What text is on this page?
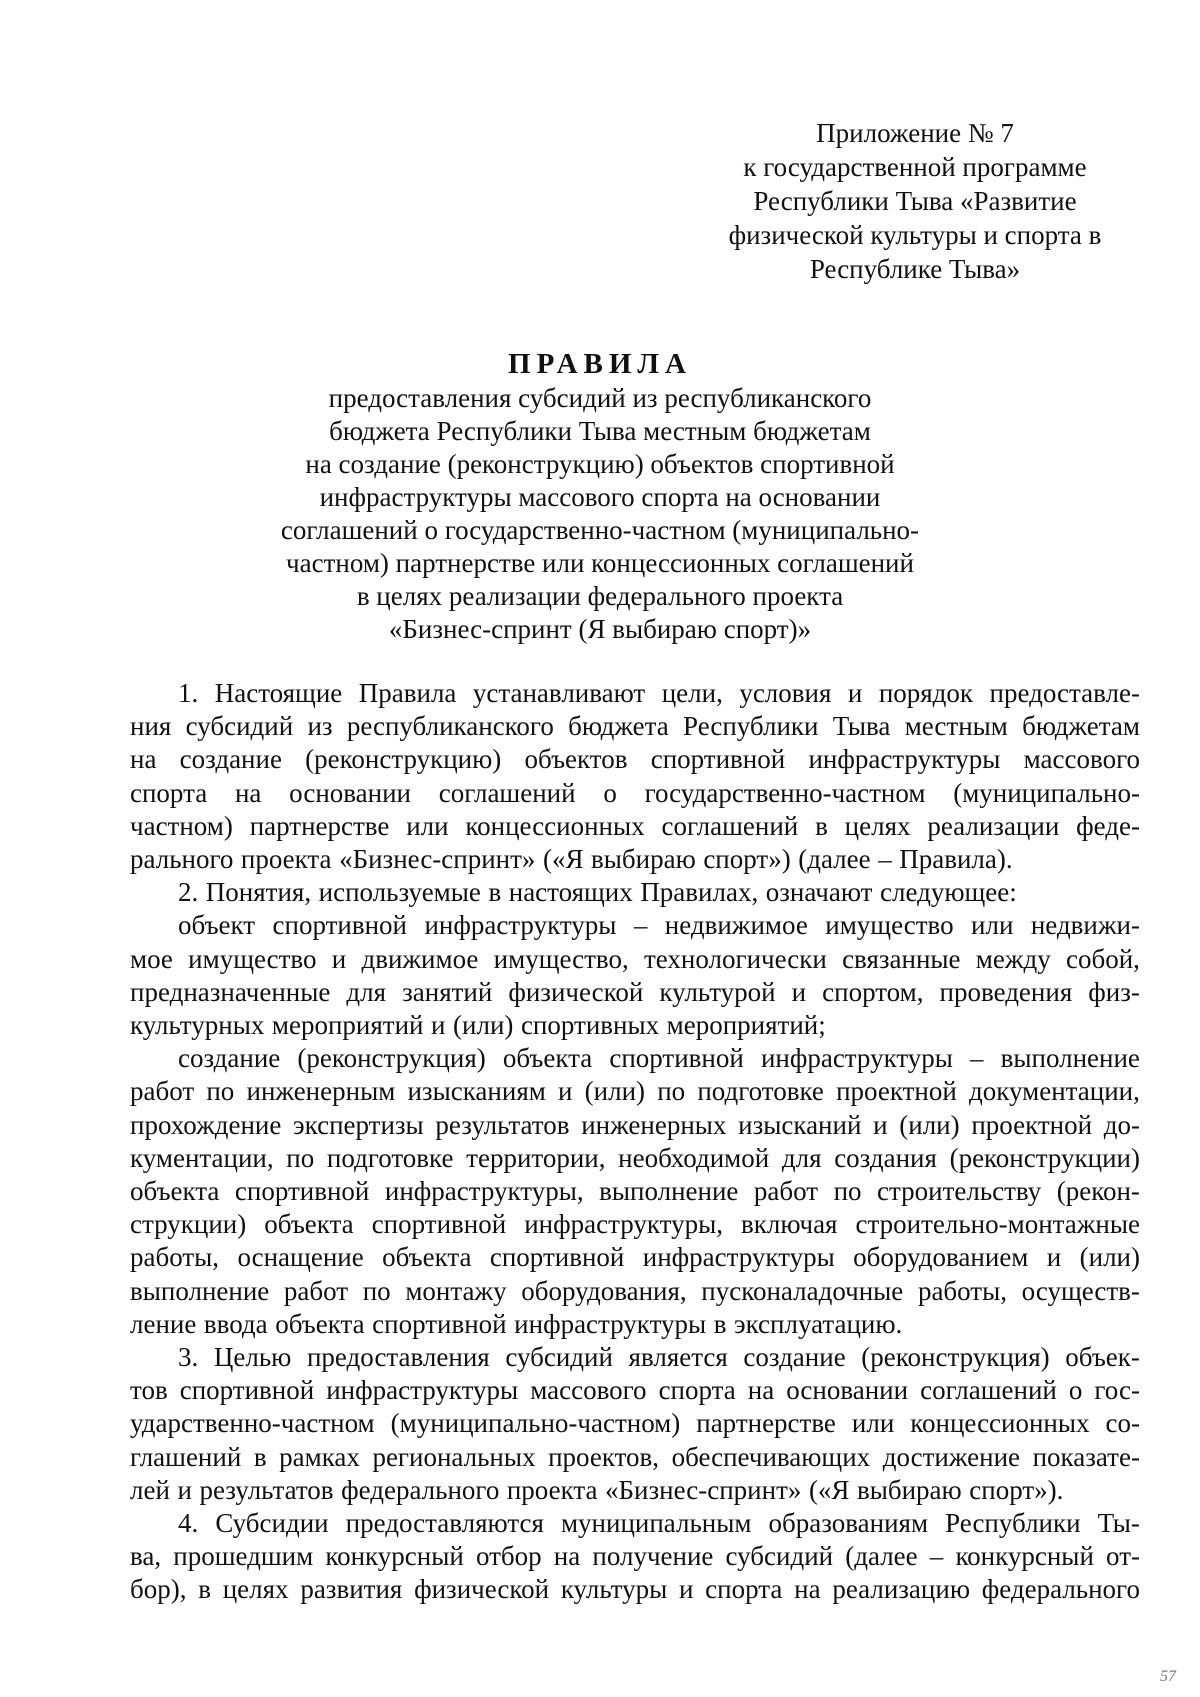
Приложение № 7
к государственной программе
Республики Тыва «Развитие
физической культуры и спорта в
Республике Тыва»
ПРАВИЛА
предоставления субсидий из республиканского
бюджета Республики Тыва местным бюджетам
на создание (реконструкцию) объектов спортивной
инфраструктуры массового спорта на основании
соглашений о государственно-частном (муниципально-
частном) партнерстве или концессионных соглашений
в целях реализации федерального проекта
«Бизнес-спринт (Я выбираю спорт)»
1. Настоящие Правила устанавливают цели, условия и порядок предоставле-
ния субсидий из республиканского бюджета Республики Тыва местным бюджетам
на создание (реконструкцию) объектов спортивной инфраструктуры массового
спорта на основании соглашений о государственно-частном (муниципально-
частном) партнерстве или концессионных соглашений в целях реализации феде-
рального проекта «Бизнес-спринт» («Я выбираю спорт») (далее – Правила).
2. Понятия, используемые в настоящих Правилах, означают следующее:
объект спортивной инфраструктуры – недвижимое имущество или недвижи-
мое имущество и движимое имущество, технологически связанные между собой,
предназначенные для занятий физической культурой и спортом, проведения физ-
культурных мероприятий и (или) спортивных мероприятий;
создание (реконструкция) объекта спортивной инфраструктуры – выполнение
работ по инженерным изысканиям и (или) по подготовке проектной документации,
прохождение экспертизы результатов инженерных изысканий и (или) проектной до-
кументации, по подготовке территории, необходимой для создания (реконструкции)
объекта спортивной инфраструктуры, выполнение работ по строительству (рекон-
струкции) объекта спортивной инфраструктуры, включая строительно-монтажные
работы, оснащение объекта спортивной инфраструктуры оборудованием и (или)
выполнение работ по монтажу оборудования, пусконаладочные работы, осуществ-
ление ввода объекта спортивной инфраструктуры в эксплуатацию.
3. Целью предоставления субсидий является создание (реконструкция) объек-
тов спортивной инфраструктуры массового спорта на основании соглашений о гос-
ударственно-частном (муниципально-частном) партнерстве или концессионных со-
глашений в рамках региональных проектов, обеспечивающих достижение показате-
лей и результатов федерального проекта «Бизнес-спринт» («Я выбираю спорт»).
4. Субсидии предоставляются муниципальным образованиям Республики Ты-
ва, прошедшим конкурсный отбор на получение субсидий (далее – конкурсный от-
бор), в целях развития физической культуры и спорта на реализацию федерального
57
